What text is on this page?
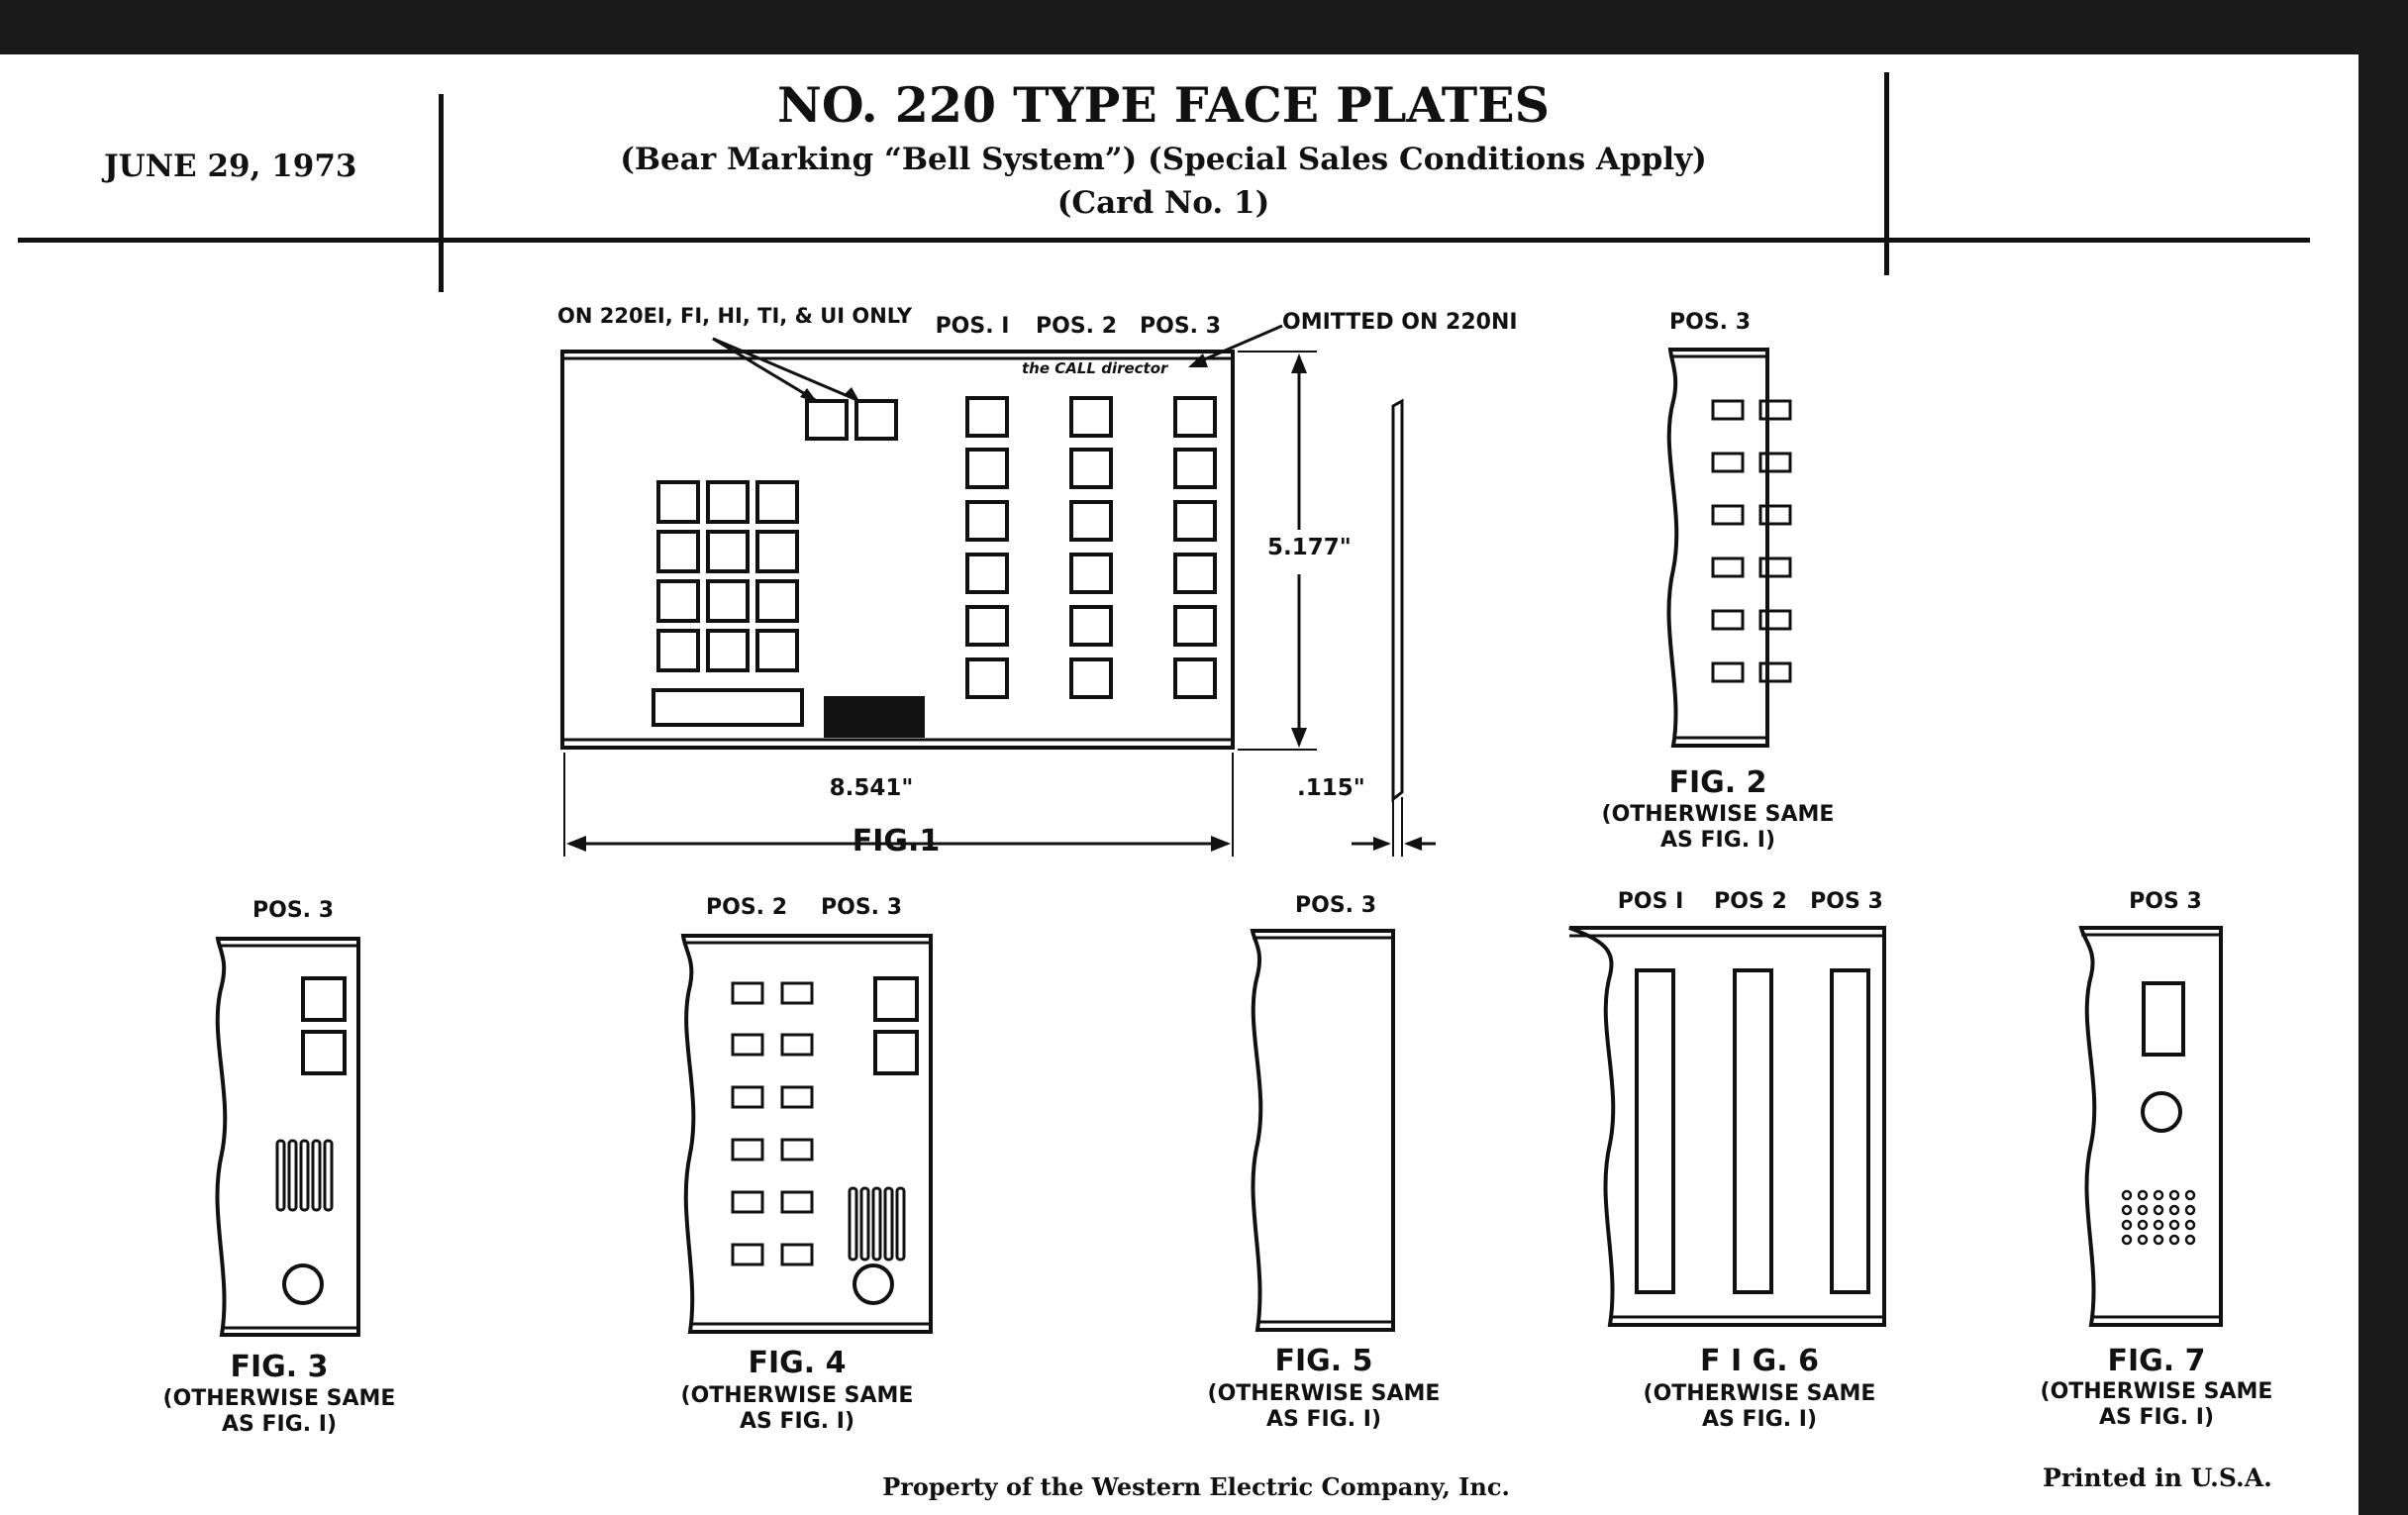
JUNE 29, 1973
NO. 220 TYPE FACE PLATES
(Bear Marking “Bell System”) (Special Sales Conditions Apply)
(Card No. 1)
ON 220EI, FI, HI, TI, & UI ONLY POS. I POS. 2 POS. 3	OMITTED ON 220NI
the CALL director
5.177"
8.541"	.115"
FIG.1

POS. 3
FIG. 2
(OTHERWISE SAME
AS FIG. I)
POS. 3
FIG. 3
(OTHERWISE SAME
AS FIG. I)
POS. 2 POS. 3
FIG. 4
(OTHERWISE SAME
AS FIG. I)
POS. 3
FIG. 5
(OTHERWISE SAME
AS FIG. I)
POS I POS 2 POS 3
F I G. 6
(OTHERWISE SAME
AS FIG. I)
POS 3
FIG. 7
(OTHERWISE SAME
AS FIG. I)
Property of the Western Electric Company, Inc.	Printed in U.S.A.
